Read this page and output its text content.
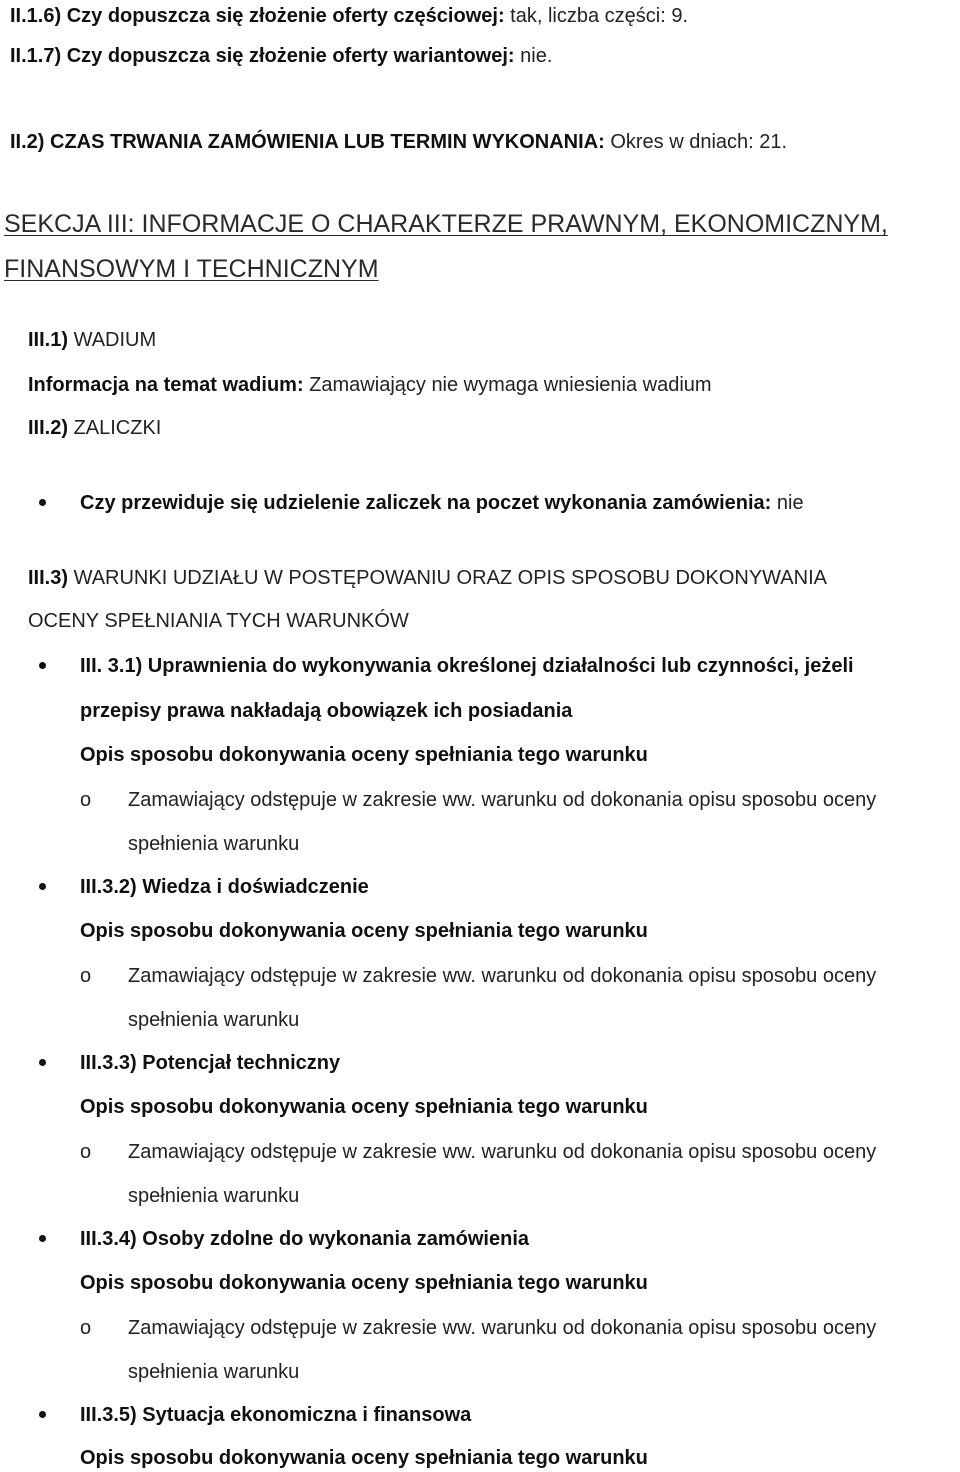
II.1.6) Czy dopuszcza się złożenie oferty częściowej: tak, liczba części: 9.
II.1.7) Czy dopuszcza się złożenie oferty wariantowej: nie.
II.2) CZAS TRWANIA ZAMÓWIENIA LUB TERMIN WYKONANIA: Okres w dniach: 21.
SEKCJA III: INFORMACJE O CHARAKTERZE PRAWNYM, EKONOMICZNYM,
FINANSOWYM I TECHNICZNYM
III.1) WADIUM
Informacja na temat wadium: Zamawiający nie wymaga wniesienia wadium
III.2) ZALICZKI
Czy przewiduje się udzielenie zaliczek na poczet wykonania zamówienia: nie
III.3) WARUNKI UDZIAŁU W POSTĘPOWANIU ORAZ OPIS SPOSOBU DOKONYWANIA
OCENY SPEŁNIANIA TYCH WARUNKÓW
III. 3.1) Uprawnienia do wykonywania określonej działalności lub czynności, jeżeli
przepisy prawa nakładają obowiązek ich posiadania
Opis sposobu dokonywania oceny spełniania tego warunku
o Zamawiający odstępuje w zakresie ww. warunku od dokonania opisu sposobu oceny
spełnienia warunku
III.3.2) Wiedza i doświadczenie
Opis sposobu dokonywania oceny spełniania tego warunku
o Zamawiający odstępuje w zakresie ww. warunku od dokonania opisu sposobu oceny
spełnienia warunku
III.3.3) Potencjał techniczny
Opis sposobu dokonywania oceny spełniania tego warunku
o Zamawiający odstępuje w zakresie ww. warunku od dokonania opisu sposobu oceny
spełnienia warunku
III.3.4) Osoby zdolne do wykonania zamówienia
Opis sposobu dokonywania oceny spełniania tego warunku
o Zamawiający odstępuje w zakresie ww. warunku od dokonania opisu sposobu oceny
spełnienia warunku
III.3.5) Sytuacja ekonomiczna i finansowa
Opis sposobu dokonywania oceny spełniania tego warunku
